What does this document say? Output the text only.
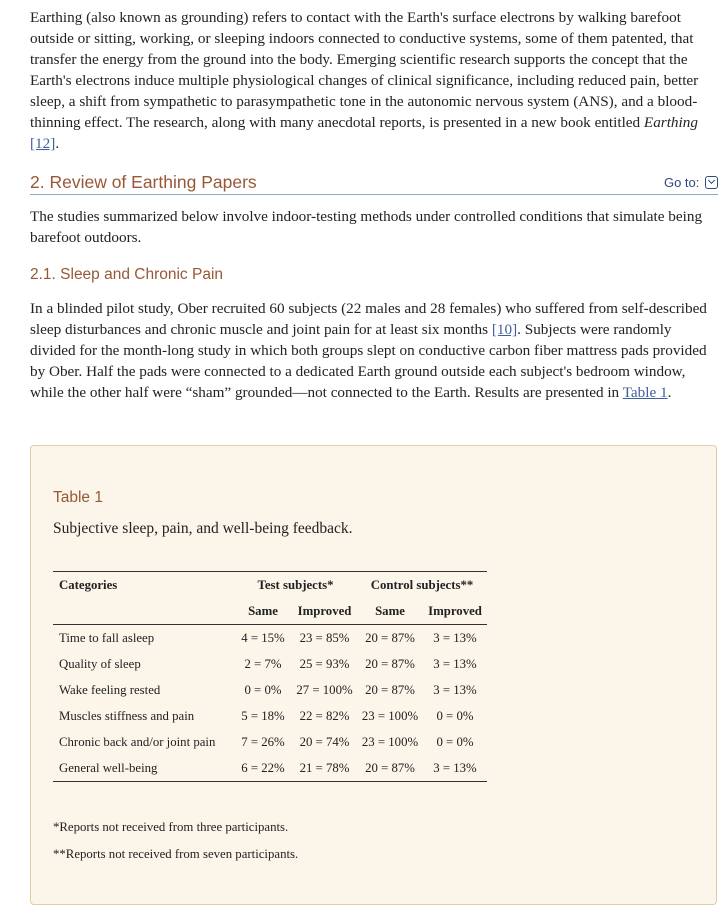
Earthing (also known as grounding) refers to contact with the Earth's surface electrons by walking barefoot outside or sitting, working, or sleeping indoors connected to conductive systems, some of them patented, that transfer the energy from the ground into the body. Emerging scientific research supports the concept that the Earth's electrons induce multiple physiological changes of clinical significance, including reduced pain, better sleep, a shift from sympathetic to parasympathetic tone in the autonomic nervous system (ANS), and a blood-thinning effect. The research, along with many anecdotal reports, is presented in a new book entitled Earthing [12].

2. Review of Earthing Papers	Go to:

The studies summarized below involve indoor-testing methods under controlled conditions that simulate being barefoot outdoors.

2.1. Sleep and Chronic Pain

In a blinded pilot study, Ober recruited 60 subjects (22 males and 28 females) who suffered from self-described sleep disturbances and chronic muscle and joint pain for at least six months [10]. Subjects were randomly divided for the month-long study in which both groups slept on conductive carbon fiber mattress pads provided by Ober. Half the pads were connected to a dedicated Earth ground outside each subject's bedroom window, while the other half were “sham” grounded—not connected to the Earth. Results are presented in Table 1.

Table 1
Subjective sleep, pain, and well-being feedback.
Categories	Test subjects*		Control subjects**	
	Same	Improved	Same	Improved
Time to fall asleep	4 = 15%	23 = 85%	20 = 87%	3 = 13%
Quality of sleep	2 = 7%	25 = 93%	20 = 87%	3 = 13%
Wake feeling rested	0 = 0%	27 = 100%	20 = 87%	3 = 13%
Muscles stiffness and pain	5 = 18%	22 = 82%	23 = 100%	0 = 0%
Chronic back and/or joint pain	7 = 26%	20 = 74%	23 = 100%	0 = 0%
General well-being	6 = 22%	21 = 78%	20 = 87%	3 = 13%
*Reports not received from three participants.
**Reports not received from seven participants.
